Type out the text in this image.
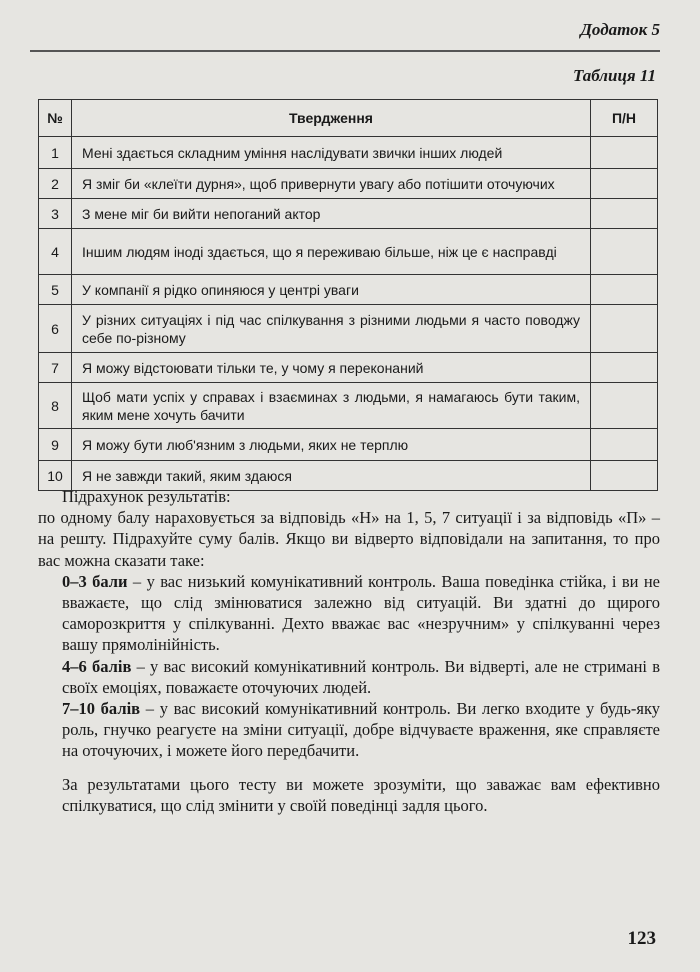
Додаток 5
Таблиця 11
№	Твердження	П/Н
1	Мені здається складним уміння наслідувати звички інших людей	
2	Я зміг би «клеїти дурня», щоб привернути увагу або потішити оточуючих	
3	З мене міг би вийти непоганий актор	
4	Іншим людям іноді здається, що я переживаю більше, ніж це є насправді	
5	У компанії я рідко опиняюся у центрі уваги	
6	У різних ситуаціях і під час спілкування з різними людьми я часто поводжу себе по-різному	
7	Я можу відстоювати тільки те, у чому я переконаний	
8	Щоб мати успіх у справах і взаєминах з людьми, я намагаюсь бути таким, яким мене хочуть бачити	
9	Я можу бути люб'язним з людьми, яких не терплю	
10	Я не завжди такий, яким здаюся	

Підрахунок результатів:

по одному балу нараховується за відповідь «Н» на 1, 5, 7 ситуації і за відповідь «П» – на решту. Підрахуйте суму балів. Якщо ви відверто відповідали на запитання, то про вас можна сказати таке:

0–3 бали – у вас низький комунікативний контроль. Ваша поведінка стійка, і ви не вважаєте, що слід змінюватися залежно від ситуацій. Ви здатні до щирого саморозкриття у спілкуванні. Дехто вважає вас «незручним» у спілкуванні через вашу прямолінійність.

4–6 балів – у вас високий комунікативний контроль. Ви відверті, але не стримані в своїх емоціях, поважаєте оточуючих людей.

7–10 балів – у вас високий комунікативний контроль. Ви легко входите у будь-яку роль, гнучко реагуєте на зміни ситуації, добре відчуваєте враження, яке справляєте на оточуючих, і можете його передбачити.

За результатами цього тесту ви можете зрозуміти, що заважає вам ефективно спілкуватися, що слід змінити у своїй поведінці задля цього.

123
